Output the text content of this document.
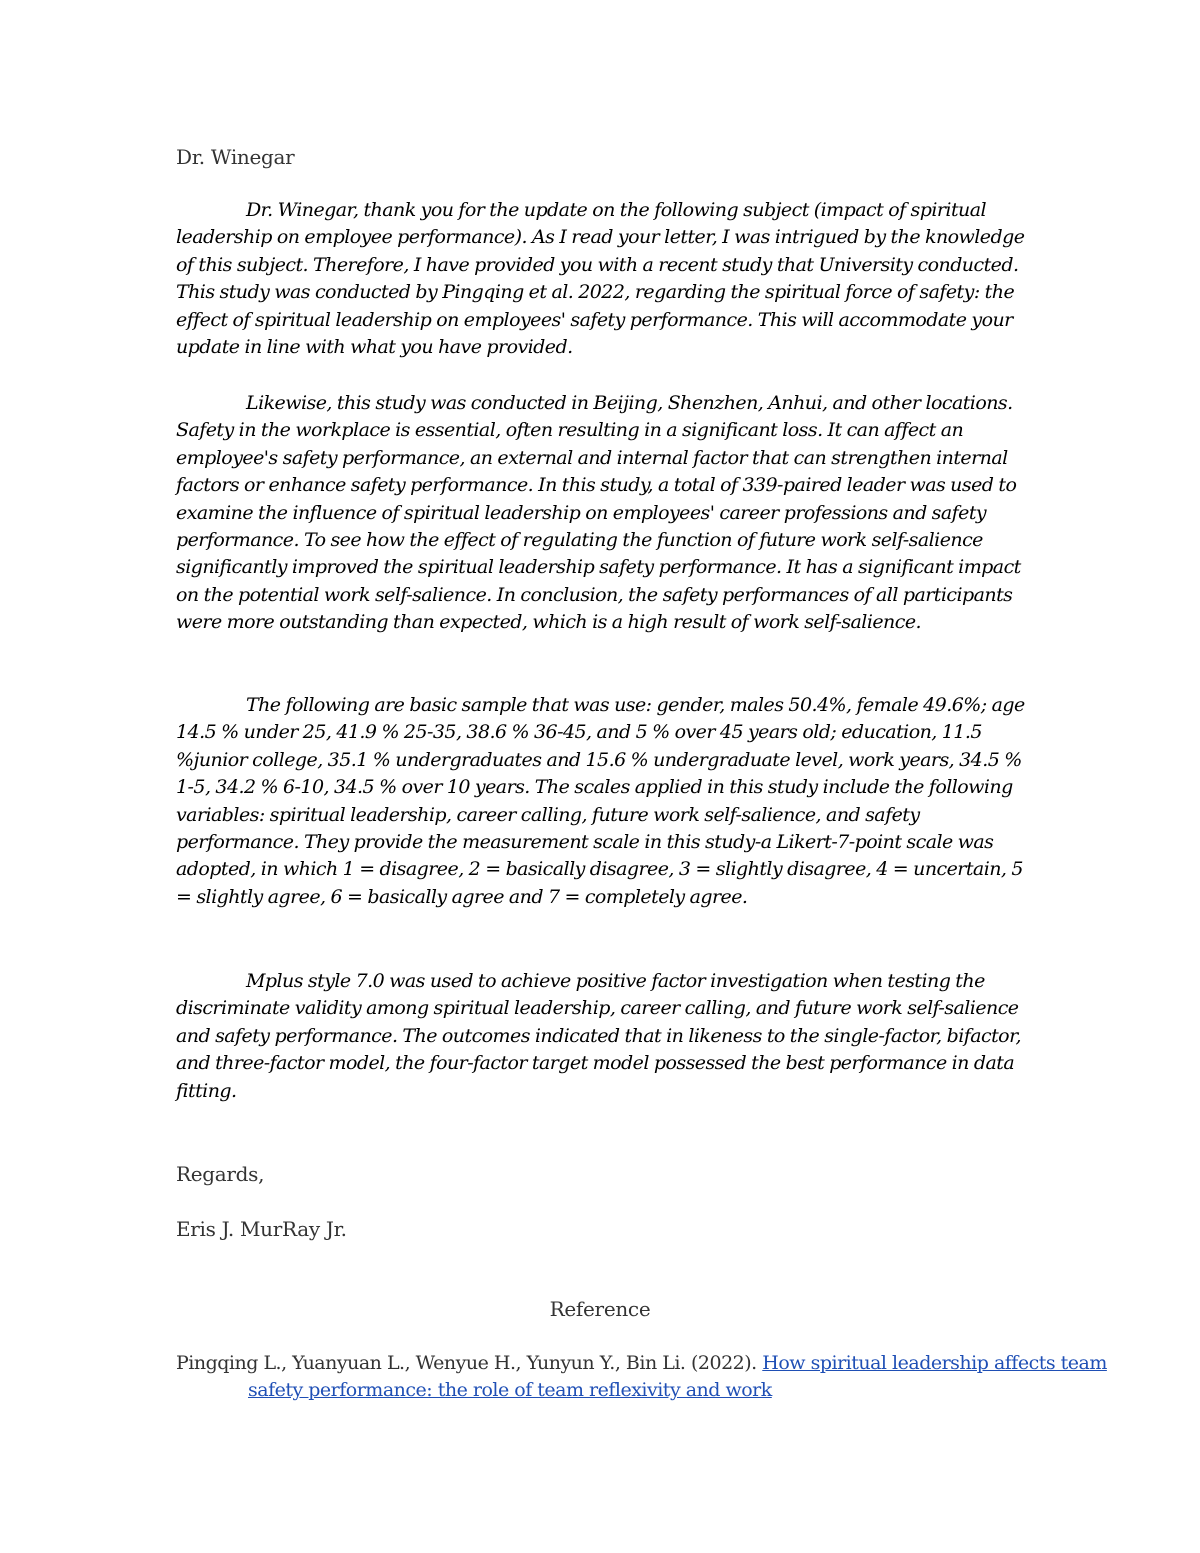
Dr. Winegar

Dr. Winegar, thank you for the update on the following subject (impact of spiritual leadership on employee performance). As I read your letter, I was intrigued by the knowledge of this subject. Therefore, I have provided you with a recent study that University conducted. This study was conducted by Pingqing et al. 2022, regarding the spiritual force of safety: the effect of spiritual leadership on employees' safety performance. This will accommodate your update in line with what you have provided.

Likewise, this study was conducted in Beijing, Shenzhen, Anhui, and other locations. Safety in the workplace is essential, often resulting in a significant loss. It can affect an employee's safety performance, an external and internal factor that can strengthen internal factors or enhance safety performance. In this study, a total of 339-paired leader was used to examine the influence of spiritual leadership on employees' career professions and safety performance. To see how the effect of regulating the function of future work self-salience significantly improved the spiritual leadership safety performance. It has a significant impact on the potential work self-salience. In conclusion, the safety performances of all participants were more outstanding than expected, which is a high result of work self-salience.

The following are basic sample that was use: gender, males 50.4%, female 49.6%; age 14.5 % under 25, 41.9 % 25-35, 38.6 % 36-45, and 5 % over 45 years old; education, 11.5 %junior college, 35.1 % undergraduates and 15.6 % undergraduate level, work years, 34.5 % 1-5, 34.2 % 6-10, 34.5 % over 10 years. The scales applied in this study include the following variables: spiritual leadership, career calling, future work self-salience, and safety performance. They provide the measurement scale in this study-a Likert-7-point scale was adopted, in which 1 = disagree, 2 = basically disagree, 3 = slightly disagree, 4 = uncertain, 5 = slightly agree, 6 = basically agree and 7 = completely agree.

Mplus style 7.0 was used to achieve positive factor investigation when testing the discriminate validity among spiritual leadership, career calling, and future work self-salience and safety performance. The outcomes indicated that in likeness to the single-factor, bifactor, and three-factor model, the four-factor target model possessed the best performance in data fitting.

Regards,
Eris J. MurRay Jr.
Reference

Pingqing L., Yuanyuan L., Wenyue H., Yunyun Y., Bin Li. (2022). How spiritual leadership affects team safety performance: the role of team reflexivity and work
